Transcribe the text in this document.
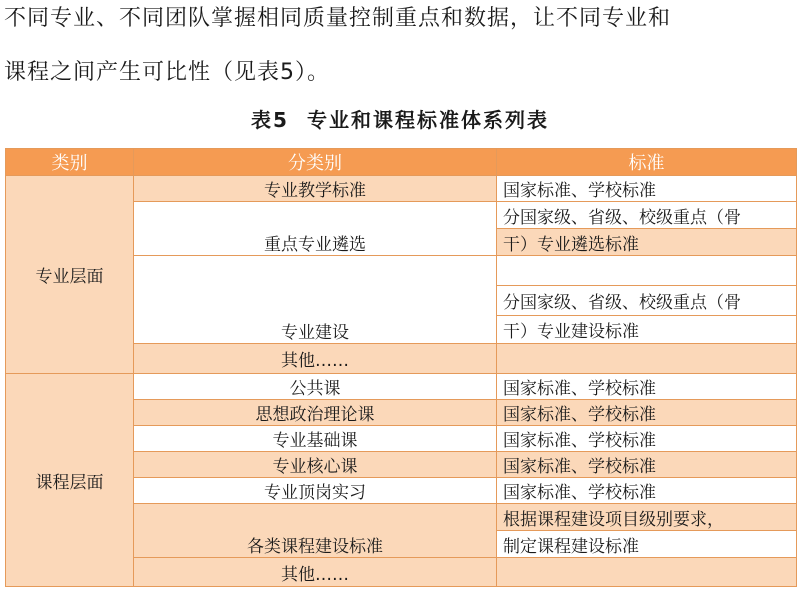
不同专业、不同团队掌握相同质量控制重点和数据，让不同专业和
课程之间产生可比性（见表5）。
表5 专业和课程标准体系列表
类别	分类别	标准
专业层面	专业教学标准	国家标准、学校标准
	重点专业遴选	分国家级、省级、校级重点（骨
		干）专业遴选标准
	专业建设	
		分国家级、省级、校级重点（骨
		干）专业建设标准
	其他……	
课程层面	公共课	国家标准、学校标准
	思想政治理论课	国家标准、学校标准
	专业基础课	国家标准、学校标准
	专业核心课	国家标准、学校标准
	专业顶岗实习	国家标准、学校标准
	各类课程建设标准	根据课程建设项目级别要求，
		制定课程建设标准
	其他……	
